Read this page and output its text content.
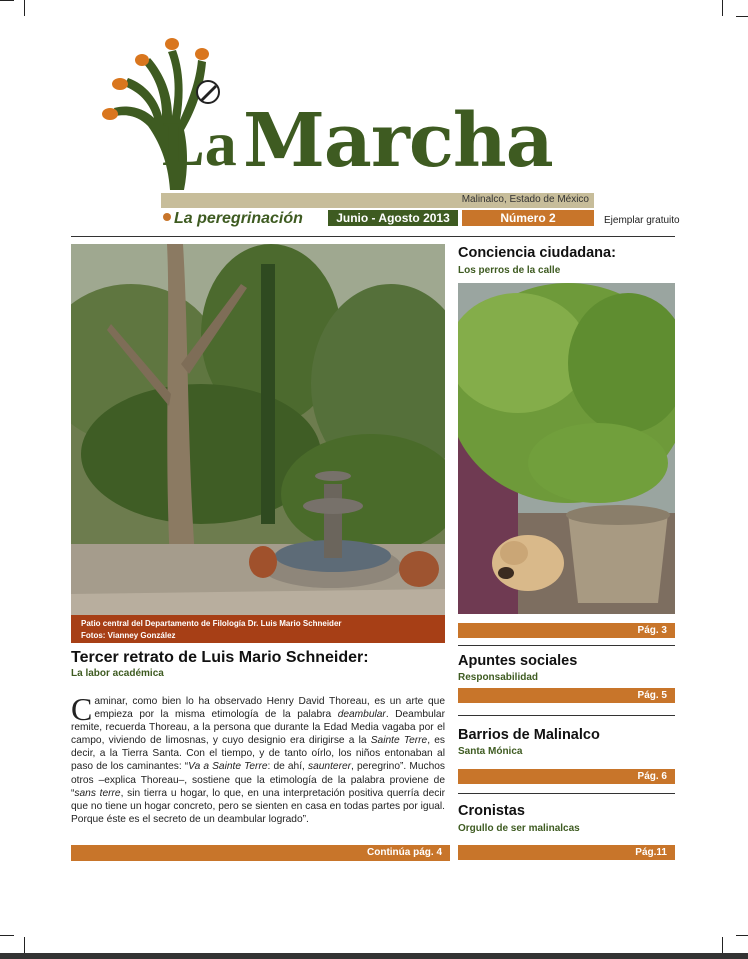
La Marcha
Malinalco, Estado de México
La peregrinación	Junio - Agosto 2013	Número 2	Ejemplar gratuito
Patio central del Departamento de Filología Dr. Luis Mario Schneider
Fotos: Vianney González
Tercer retrato de Luis Mario Schneider:
La labor académica
Caminar, como bien lo ha observado Henry David Thoreau, es un arte que empieza por la misma etimología de la palabra deambular. Deambular remite, recuerda Thoreau, a la persona que durante la Edad Media vagaba por el campo, viviendo de limosnas, y cuyo designio era dirigirse a la Sainte Terre, es decir, a la Tierra Santa. Con el tiempo, y de tanto oírlo, los niños entonaban al paso de los caminantes: “Va a Sainte Terre: de ahí, saunterer, peregrino”. Muchos otros –explica Thoreau–, sostiene que la etimología de la palabra proviene de “sans terre, sin tierra u hogar, lo que, en una interpretación positiva querría decir que no tiene un hogar concreto, pero se sienten en casa en todas partes por igual. Porque éste es el secreto de un deambular logrado”.
Continúa pág. 4
Conciencia ciudadana:
Los perros de la calle
Pág. 3
Apuntes sociales
Responsabilidad
Pág. 5
Barrios de Malinalco
Santa Mónica
Pág. 6
Cronistas
Orgullo de ser malinalcas
Pág.11
